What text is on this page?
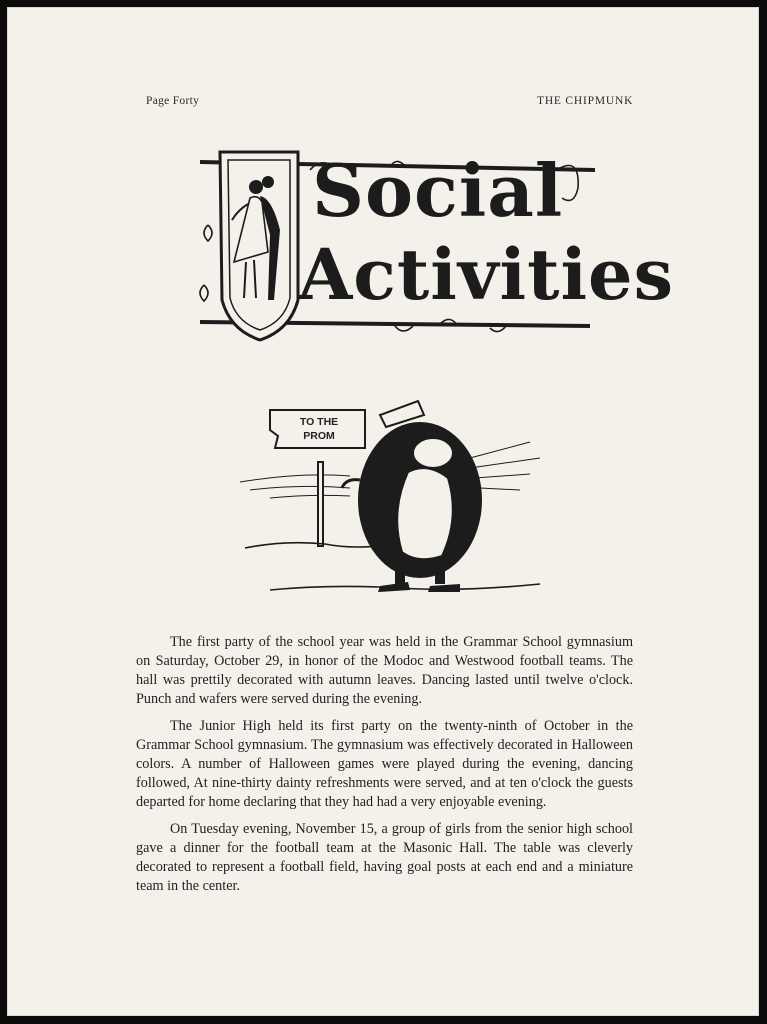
Page Forty	THE CHIPMUNK
Social
Activities
TO THE
PROM

The first party of the school year was held in the Grammar School gymnasium on Saturday, October 29, in honor of the Modoc and Westwood football teams. The hall was prettily decorated with autumn leaves. Dancing lasted until twelve o'clock. Punch and wafers were served during the evening.

The Junior High held its first party on the twenty-ninth of October in the Grammar School gymnasium. The gymnasium was effectively decorated in Halloween colors. A number of Halloween games were played during the evening, dancing followed, At nine-thirty dainty refreshments were served, and at ten o'clock the guests departed for home declaring that they had had a very enjoyable evening.

On Tuesday evening, November 15, a group of girls from the senior high school gave a dinner for the football team at the Masonic Hall. The table was cleverly decorated to represent a football field, having goal posts at each end and a miniature team in the center.
